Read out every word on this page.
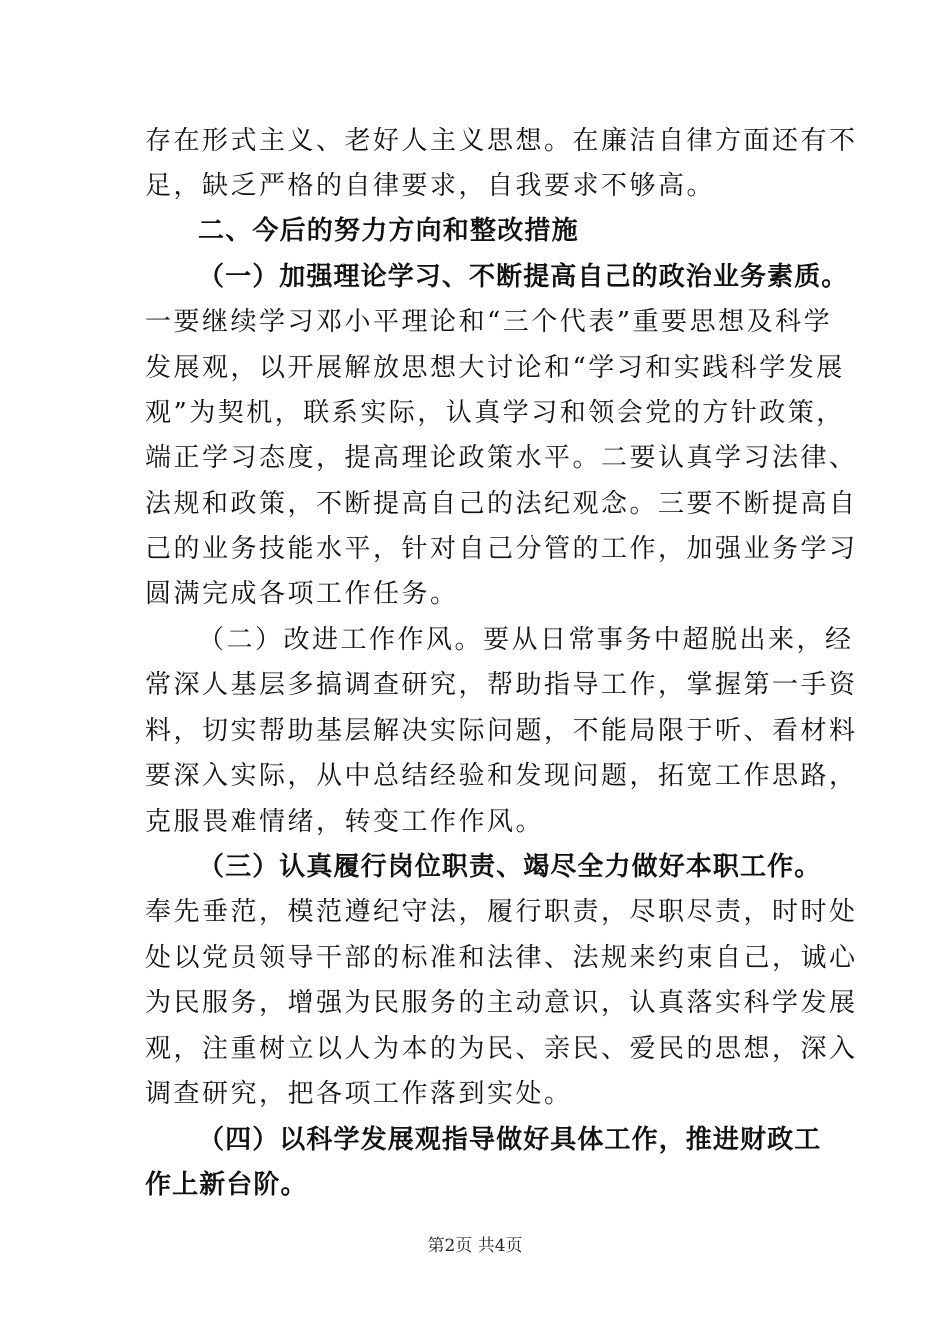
存在形式主义、老好人主义思想。在廉洁自律方面还有不
足，缺乏严格的自律要求，自我要求不够高。
二、今后的努力方向和整改措施
（一）加强理论学习、不断提高自己的政治业务素质。
一要继续学习邓小平理论和“三个代表”重要思想及科学
发展观，以开展解放思想大讨论和“学习和实践科学发展
观”为契机，联系实际，认真学习和领会党的方针政策，
端正学习态度，提高理论政策水平。二要认真学习法律、
法规和政策，不断提高自己的法纪观念。三要不断提高自
己的业务技能水平，针对自己分管的工作，加强业务学习
圆满完成各项工作任务。
（二）改进工作作风。要从日常事务中超脱出来，经
常深人基层多搞调查研究，帮助指导工作，掌握第一手资
料，切实帮助基层解决实际问题，不能局限于听、看材料
要深入实际，从中总结经验和发现问题，拓宽工作思路，
克服畏难情绪，转变工作作风。
（三）认真履行岗位职责、竭尽全力做好本职工作。
奉先垂范，模范遵纪守法，履行职责，尽职尽责，时时处
处以党员领导干部的标准和法律、法规来约束自己，诚心
为民服务，增强为民服务的主动意识，认真落实科学发展
观，注重树立以人为本的为民、亲民、爱民的思想，深入
调查研究，把各项工作落到实处。
（四）以科学发展观指导做好具体工作，推进财政工
作上新台阶。
第2页 共4页
